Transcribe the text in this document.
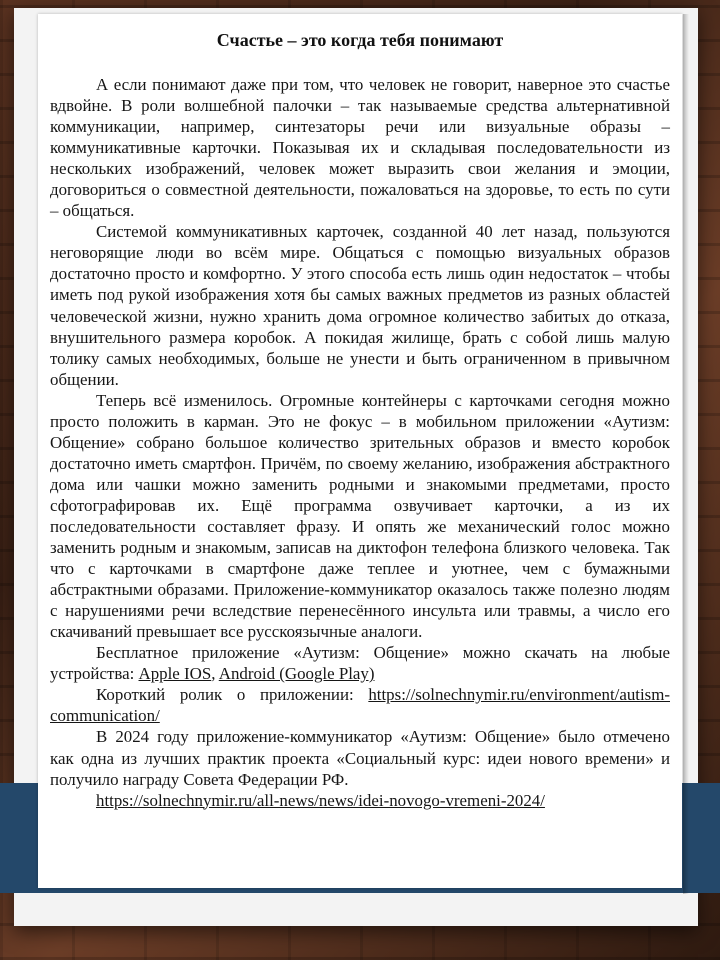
Счастье – это когда тебя понимают

А если понимают даже при том, что человек не говорит, наверное это счастье вдвойне. В роли волшебной палочки – так называемые средства альтернативной коммуникации, например, синтезаторы речи или визуальные образы – коммуникативные карточки. Показывая их и складывая последовательности из нескольких изображений, человек может выразить свои желания и эмоции, договориться о совместной деятельности, пожаловаться на здоровье, то есть по сути – общаться.

Системой коммуникативных карточек, созданной 40 лет назад, пользуются неговорящие люди во всём мире. Общаться с помощью визуальных образов достаточно просто и комфортно. У этого способа есть лишь один недостаток – чтобы иметь под рукой изображения хотя бы самых важных предметов из разных областей человеческой жизни, нужно хранить дома огромное количество забитых до отказа, внушительного размера коробок. А покидая жилище, брать с собой лишь малую толику самых необходимых, больше не унести и быть ограниченном в привычном общении.

Теперь всё изменилось. Огромные контейнеры с карточками сегодня можно просто положить в карман. Это не фокус – в мобильном приложении «Аутизм: Общение» собрано большое количество зрительных образов и вместо коробок достаточно иметь смартфон. Причём, по своему желанию, изображения абстрактного дома или чашки можно заменить родными и знакомыми предметами, просто сфотографировав их. Ещё программа озвучивает карточки, а из их последовательности составляет фразу. И опять же механический голос можно заменить родным и знакомым, записав на диктофон телефона близкого человека. Так что с карточками в смартфоне даже теплее и уютнее, чем с бумажными абстрактными образами. Приложение-коммуникатор оказалось также полезно людям с нарушениями речи вследствие перенесённого инсульта или травмы, а число его скачиваний превышает все русскоязычные аналоги.

Бесплатное приложение «Аутизм: Общение» можно скачать на любые устройства: Apple IOS, Android (Google Play)

Короткий ролик о приложении: https://solnechnymir.ru/environment/autism-communication/

В 2024 году приложение-коммуникатор «Аутизм: Общение» было отмечено как одна из лучших практик проекта «Социальный курс: идеи нового времени» и получило награду Совета Федерации РФ.

https://solnechnymir.ru/all-news/news/idei-novogo-vremeni-2024/
